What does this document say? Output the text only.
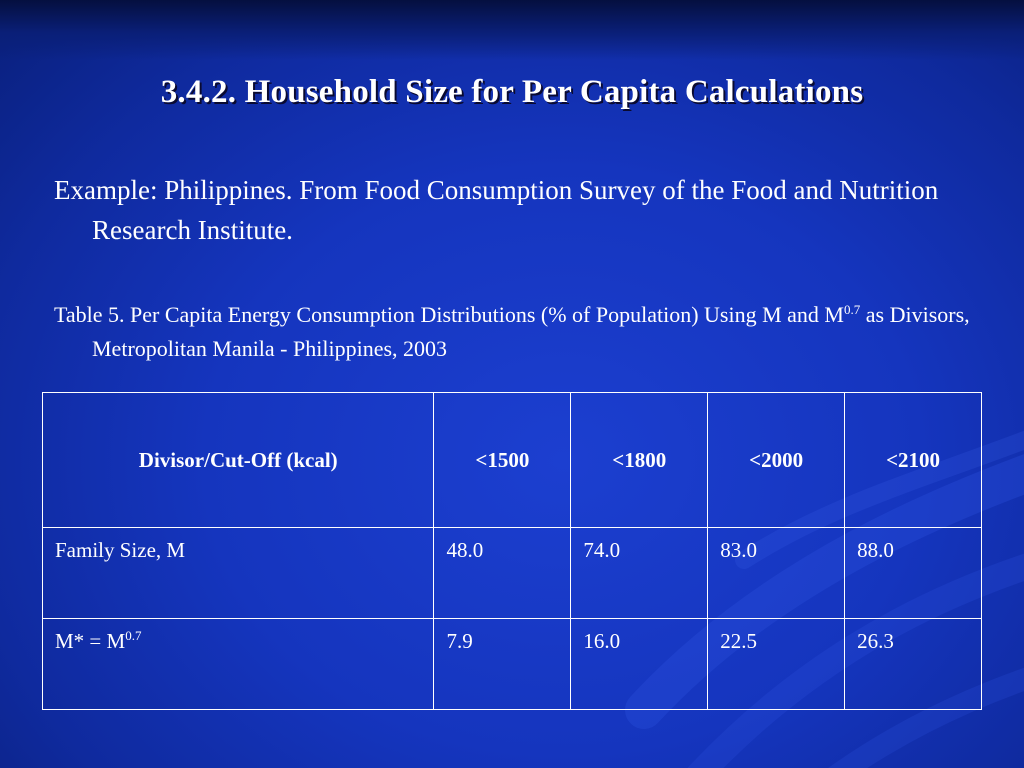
3.4.2. Household Size for Per Capita Calculations
Example: Philippines. From Food Consumption Survey of the Food and Nutrition Research Institute.
Table 5. Per Capita Energy Consumption Distributions (% of Population) Using M and $M^{0.7}$ as Divisors, Metropolitan Manila - Philippines, 2003
Divisor/Cut-Off (kcal)	<1500	<1800	<2000	<2100
Family Size, M	48.0	74.0	83.0	88.0
$M* = M^{0.7}$	7.9	16.0	22.5	26.3
